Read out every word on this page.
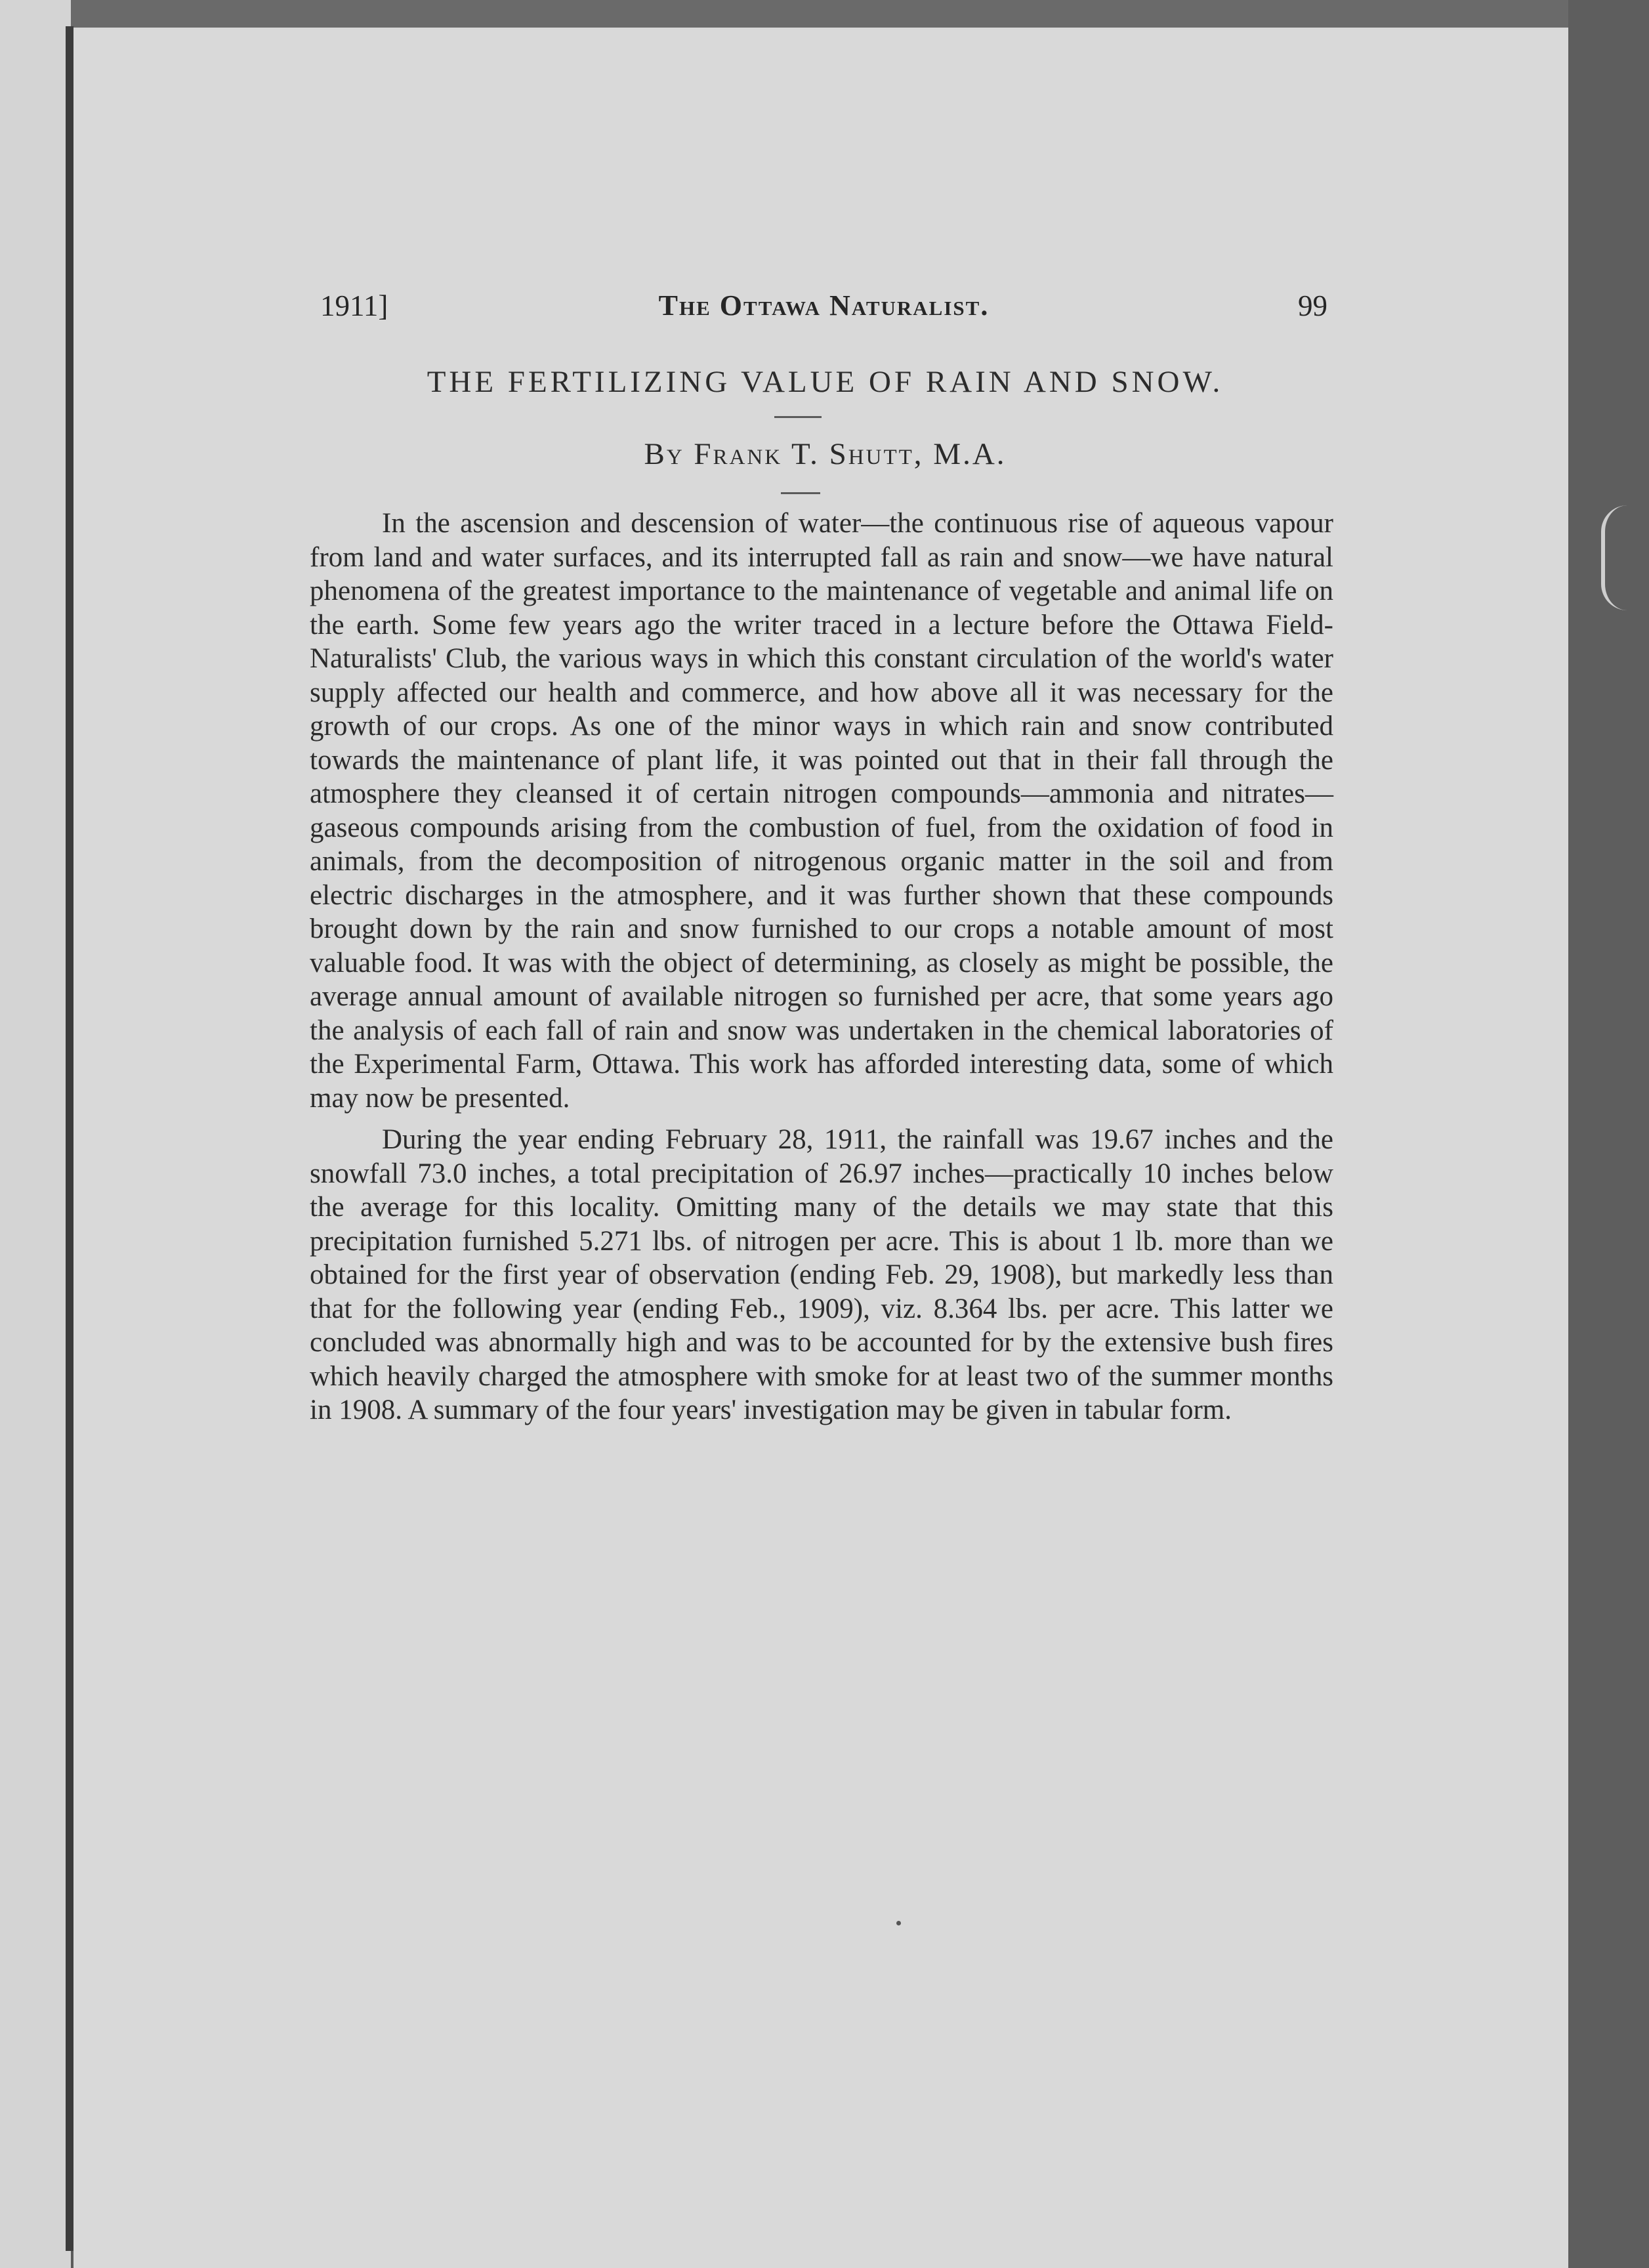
1911]	The Ottawa Naturalist.	99
THE FERTILIZING VALUE OF RAIN AND SNOW.
By Frank T. Shutt, M.A.

In the ascension and descension of water—the continuous rise of aqueous vapour from land and water surfaces, and its interrupted fall as rain and snow—we have natural phenomena of the greatest importance to the maintenance of vegetable and animal life on the earth. Some few years ago the writer traced in a lecture before the Ottawa Field-Naturalists' Club, the various ways in which this constant circulation of the world's water supply affected our health and commerce, and how above all it was necessary for the growth of our crops. As one of the minor ways in which rain and snow contributed towards the maintenance of plant life, it was pointed out that in their fall through the atmosphere they cleansed it of certain nitrogen compounds—ammonia and nitrates—gaseous compounds arising from the combustion of fuel, from the oxidation of food in animals, from the decomposition of nitrogenous organic matter in the soil and from electric discharges in the atmosphere, and it was further shown that these compounds brought down by the rain and snow furnished to our crops a notable amount of most valuable food. It was with the object of determining, as closely as might be possible, the average annual amount of available nitrogen so furnished per acre, that some years ago the analysis of each fall of rain and snow was undertaken in the chemical laboratories of the Experimental Farm, Ottawa. This work has afforded interesting data, some of which may now be presented.

During the year ending February 28, 1911, the rainfall was 19.67 inches and the snowfall 73.0 inches, a total precipitation of 26.97 inches—practically 10 inches below the average for this locality. Omitting many of the details we may state that this precipitation furnished 5.271 lbs. of nitrogen per acre. This is about 1 lb. more than we obtained for the first year of observation (ending Feb. 29, 1908), but markedly less than that for the following year (ending Feb., 1909), viz. 8.364 lbs. per acre. This latter we concluded was abnormally high and was to be accounted for by the extensive bush fires which heavily charged the atmosphere with smoke for at least two of the summer months in 1908. A summary of the four years' investigation may be given in tabular form.
